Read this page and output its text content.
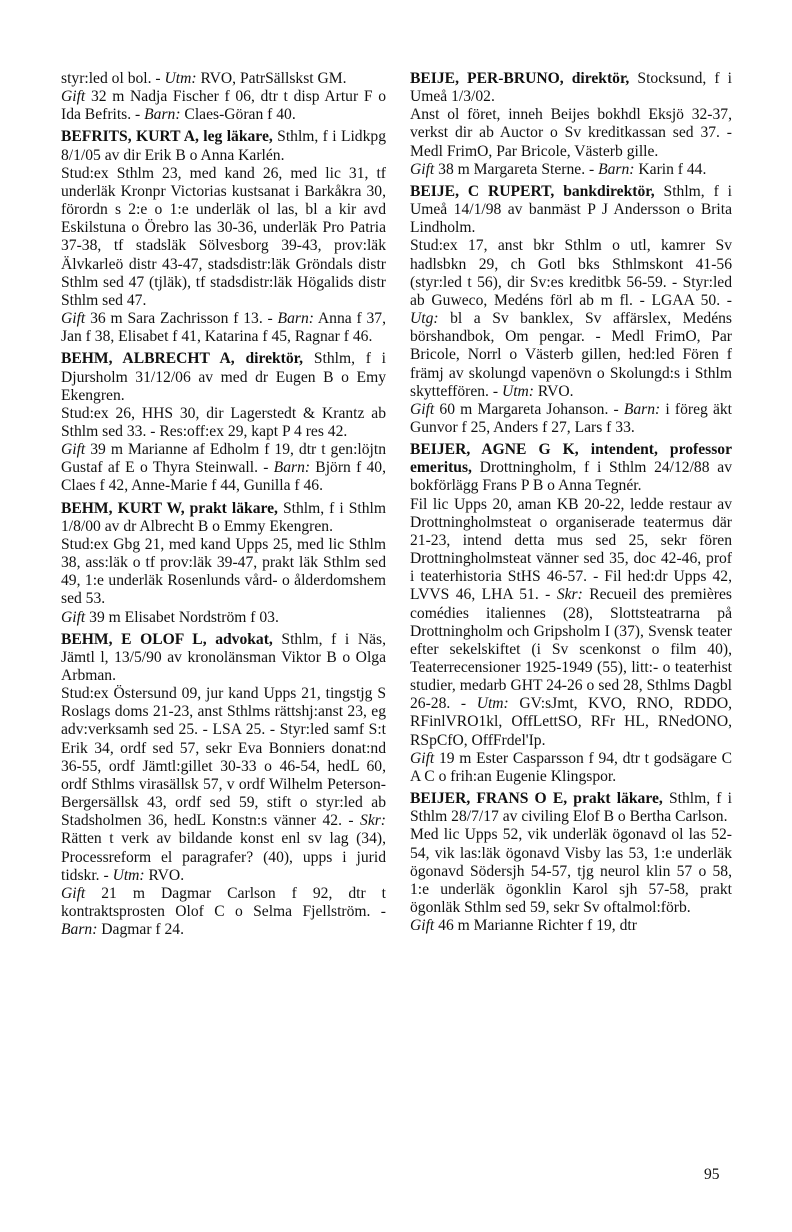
styr:led ol bol. - Utm: RVO, PatrSällskst GM.

Gift 32 m Nadja Fischer f 06, dtr t disp Artur F o Ida Befrits. - Barn: Claes-Göran f 40.

BEFRITS, KURT A, leg läkare, Sthlm, f i Lidkpg 8/1/05 av dir Erik B o Anna Karlén.

Stud:ex Sthlm 23, med kand 26, med lic 31, tf underläk Kronpr Victorias kustsanat i Barkåkra 30, förordn s 2:e o 1:e underläk ol las, bl a kir avd Eskilstuna o Örebro las 30-36, underläk Pro Patria 37-38, tf stadsläk Sölvesborg 39-43, prov:läk Älvkarleö distr 43-47, stadsdistr:läk Gröndals distr Sthlm sed 47 (tjläk), tf stadsdistr:läk Högalids distr Sthlm sed 47.

Gift 36 m Sara Zachrisson f 13. - Barn: Anna f 37, Jan f 38, Elisabet f 41, Katarina f 45, Ragnar f 46.

BEHM, ALBRECHT A, direktör, Sthlm, f i Djursholm 31/12/06 av med dr Eugen B o Emy Ekengren.

Stud:ex 26, HHS 30, dir Lagerstedt & Krantz ab Sthlm sed 33. - Res:off:ex 29, kapt P 4 res 42.

Gift 39 m Marianne af Edholm f 19, dtr t gen:löjtn Gustaf af E o Thyra Steinwall. - Barn: Björn f 40, Claes f 42, Anne-Marie f 44, Gunilla f 46.

BEHM, KURT W, prakt läkare, Sthlm, f i Sthlm 1/8/00 av dr Albrecht B o Emmy Ekengren.

Stud:ex Gbg 21, med kand Upps 25, med lic Sthlm 38, ass:läk o tf prov:läk 39-47, prakt läk Sthlm sed 49, 1:e underläk Rosenlunds vård- o ålderdomshem sed 53.

Gift 39 m Elisabet Nordström f 03.

BEHM, E OLOF L, advokat, Sthlm, f i Näs, Jämtl l, 13/5/90 av kronolänsman Viktor B o Olga Arbman.

Stud:ex Östersund 09, jur kand Upps 21, tingstjg S Roslags doms 21-23, anst Sthlms rättshj:anst 23, eg adv:verksamh sed 25. - LSA 25. - Styr:led samf S:t Erik 34, ordf sed 57, sekr Eva Bonniers donat:nd 36-55, ordf Jämtl:gillet 30-33 o 46-54, hedL 60, ordf Sthlms virasällsk 57, v ordf Wilhelm Peterson-Bergersällsk 43, ordf sed 59, stift o styr:led ab Stadsholmen 36, hedL Konstn:s vänner 42. - Skr: Rätten t verk av bildande konst enl sv lag (34), Processreform el paragrafer? (40), upps i jurid tidskr. - Utm: RVO.

Gift 21 m Dagmar Carlson f 92, dtr t kontraktsprosten Olof C o Selma Fjellström. - Barn: Dagmar f 24.

BEIJE, PER-BRUNO, direktör, Stocksund, f i Umeå 1/3/02.

Anst ol föret, inneh Beijes bokhdl Eksjö 32-37, verkst dir ab Auctor o Sv kreditkassan sed 37. - Medl FrimO, Par Bricole, Västerb gille.

Gift 38 m Margareta Sterne. - Barn: Karin f 44.

BEIJE, C RUPERT, bankdirektör, Sthlm, f i Umeå 14/1/98 av banmäst P J Andersson o Brita Lindholm.

Stud:ex 17, anst bkr Sthlm o utl, kamrer Sv hadlsbkn 29, ch Gotl bks Sthlmskont 41-56 (styr:led t 56), dir Sv:es kreditbk 56-59. - Styr:led ab Guweco, Medéns förl ab m fl. - LGAA 50. - Utg: bl a Sv banklex, Sv affärslex, Medéns börshandbok, Om pengar. - Medl FrimO, Par Bricole, Norrl o Västerb gillen, hed:led Fören f främj av skolungd vapenövn o Skolungd:s i Sthlm skytteffören. - Utm: RVO.

Gift 60 m Margareta Johanson. - Barn: i föreg äkt Gunvor f 25, Anders f 27, Lars f 33.

BEIJER, AGNE G K, intendent, professor emeritus, Drottningholm, f i Sthlm 24/12/88 av bokförlägg Frans P B o Anna Tegnér.

Fil lic Upps 20, aman KB 20-22, ledde restaur av Drottningholmsteat o organiserade teatermus där 21-23, intend detta mus sed 25, sekr fören Drottningholmsteat vänner sed 35, doc 42-46, prof i teaterhistoria StHS 46-57. - Fil hed:dr Upps 42, LVVS 46, LHA 51. - Skr: Recueil des premières comédies italiennes (28), Slottsteatrarna på Drottningholm och Gripsholm I (37), Svensk teater efter sekelskiftet (i Sv scenkonst o film 40), Teaterrecensioner 1925-1949 (55), litt:- o teaterhist studier, medarb GHT 24-26 o sed 28, Sthlms Dagbl 26-28. - Utm: GV:sJmt, KVO, RNO, RDDO, RFinlVRO1kl, OffLettSO, RFr HL, RNedONO, RSpCfO, OffFrdel'Ip.

Gift 19 m Ester Casparsson f 94, dtr t godsägare C A C o frih:an Eugenie Klingspor.

BEIJER, FRANS O E, prakt läkare, Sthlm, f i Sthlm 28/7/17 av civiling Elof B o Bertha Carlson.

Med lic Upps 52, vik underläk ögonavd ol las 52-54, vik las:läk ögonavd Visby las 53, 1:e underläk ögonavd Södersjh 54-57, tjg neurol klin 57 o 58, 1:e underläk ögonklin Karol sjh 57-58, prakt ögonläk Sthlm sed 59, sekr Sv oftalmol:förb.

Gift 46 m Marianne Richter f 19, dtr

95
